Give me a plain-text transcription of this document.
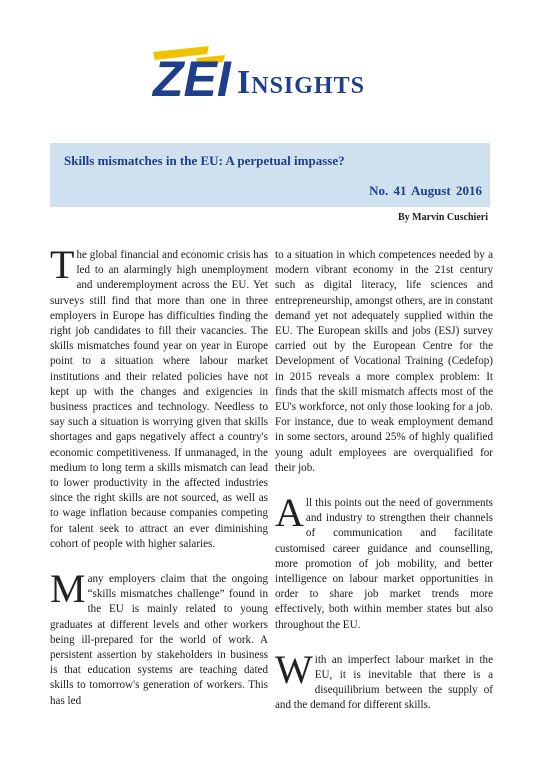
ZEI Insights
Skills mismatches in the EU: A perpetual impasse?
No. 41 August 2016
By Marvin Cuschieri

The global financial and economic crisis has led to an alarmingly high unemployment and underemployment across the EU. Yet surveys still find that more than one in three employers in Europe has difficulties finding the right job candidates to fill their vacancies. The skills mismatches found year on year in Europe point to a situation where labour market institutions and their related policies have not kept up with the changes and exigencies in business practices and technology. Needless to say such a situation is worrying given that skills shortages and gaps negatively affect a country's economic competitiveness. If unmanaged, in the medium to long term a skills mismatch can lead to lower productivity in the affected industries since the right skills are not sourced, as well as to wage inflation because companies competing for talent seek to attract an ever diminishing cohort of people with higher salaries.

Many employers claim that the ongoing “skills mismatches challenge” found in the EU is mainly related to young graduates at different levels and other workers being ill-prepared for the world of work. A persistent assertion by stakeholders in business is that education systems are teaching dated skills to tomorrow's generation of workers. This has led

to a situation in which competences needed by a modern vibrant economy in the 21st century such as digital literacy, life sciences and entrepreneurship, amongst others, are in constant demand yet not adequately supplied within the EU. The European skills and jobs (ESJ) survey carried out by the European Centre for the Development of Vocational Training (Cedefop) in 2015 reveals a more complex problem: It finds that the skill mismatch affects most of the EU's workforce, not only those looking for a job. For instance, due to weak employment demand in some sectors, around 25% of highly qualified young adult employees are overqualified for their job.

All this points out the need of governments and industry to strengthen their channels of communication and facilitate customised career guidance and counselling, more promotion of job mobility, and better intelligence on labour market opportunities in order to share job market trends more effectively, both within member states but also throughout the EU.

With an imperfect labour market in the EU, it is inevitable that there is a disequilibrium between the supply of and the demand for different skills.
